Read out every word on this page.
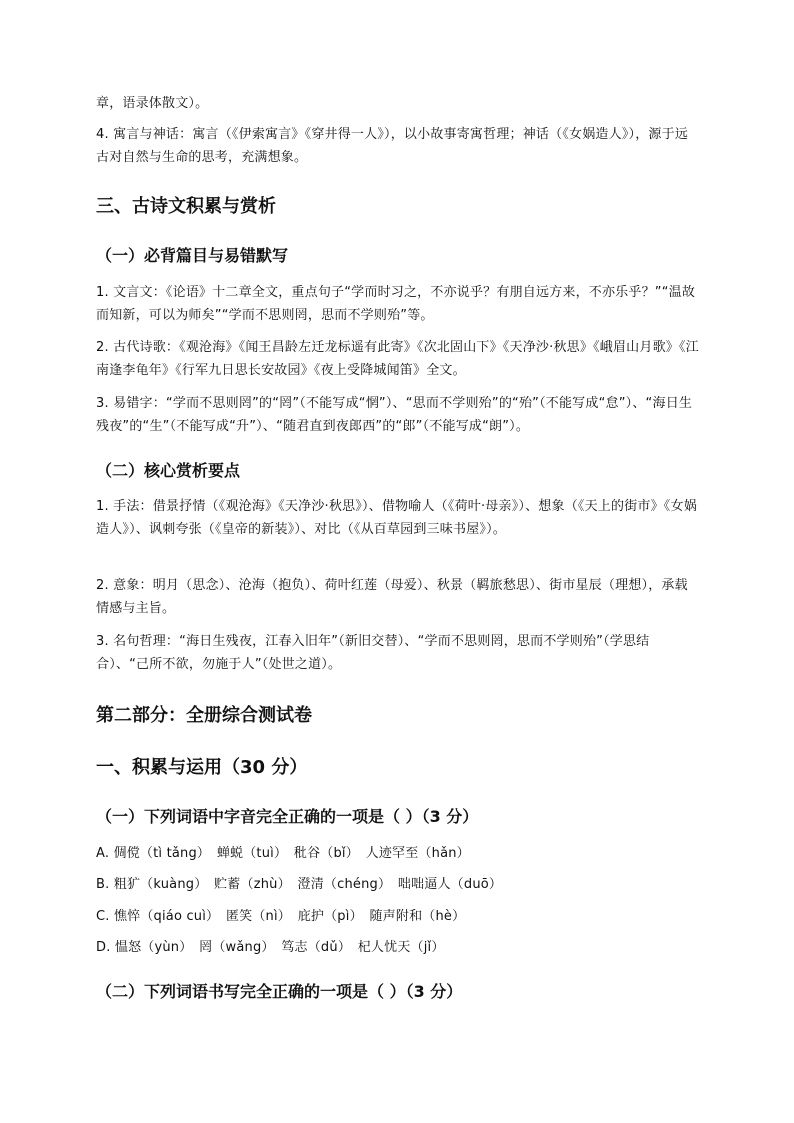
章，语录体散文）。

4. 寓言与神话：寓言（《伊索寓言》《穿井得一人》），以小故事寄寓哲理；神话（《女娲造人》），源于远古对自然与生命的思考，充满想象。

三、古诗文积累与赏析
（一）必背篇目与易错默写

1. 文言文：《论语》十二章全文，重点句子“学而时习之，不亦说乎？有朋自远方来，不亦乐乎？”“温故而知新，可以为师矣”“学而不思则罔，思而不学则殆”等。

2. 古代诗歌：《观沧海》《闻王昌龄左迁龙标遥有此寄》《次北固山下》《天净沙·秋思》《峨眉山月歌》《江南逢李龟年》《行军九日思长安故园》《夜上受降城闻笛》全文。

3. 易错字：“学而不思则罔”的“罔”（不能写成“惘”）、“思而不学则殆”的“殆”（不能写成“怠”）、“海日生残夜”的“生”（不能写成“升”）、“随君直到夜郎西”的“郎”（不能写成“朗”）。

（二）核心赏析要点

1. 手法：借景抒情（《观沧海》《天净沙·秋思》）、借物喻人（《荷叶·母亲》）、想象（《天上的街市》《女娲造人》）、讽刺夸张（《皇帝的新装》）、对比（《从百草园到三味书屋》）。

2. 意象：明月（思念）、沧海（抱负）、荷叶红莲（母爱）、秋景（羁旅愁思）、街市星辰（理想），承载情感与主旨。

3. 名句哲理：“海日生残夜，江春入旧年”（新旧交替）、“学而不思则罔，思而不学则殆”（学思结合）、“己所不欲，勿施于人”（处世之道）。

第二部分：全册综合测试卷
一、积累与运用（30 分）
（一）下列词语中字音完全正确的一项是（ ）（3 分）

A. 倜傥（tì tǎng）　蝉蜕（tuì）　秕谷（bǐ）　人迹罕至（hǎn）

B. 粗犷（kuàng）　贮蓄（zhù）　澄清（chéng）　咄咄逼人（duō）

C. 憔悴（qiáo cuì）　匿笑（nì）　庇护（pì）　随声附和（hè）

D. 愠怒（yùn）　罔（wǎng）　笃志（dǔ）　杞人忧天（jǐ）

（二）下列词语书写完全正确的一项是（ ）（3 分）
